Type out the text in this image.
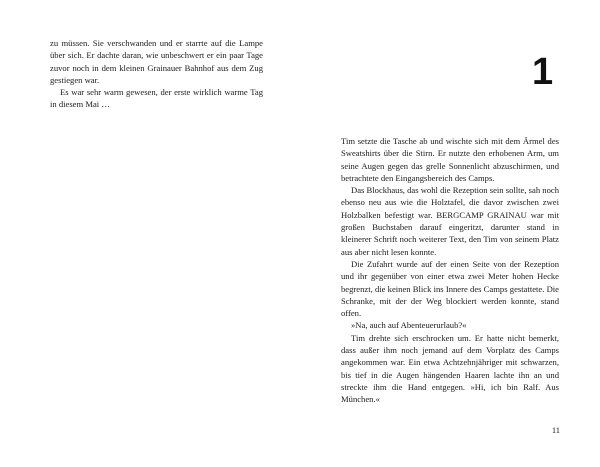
zu müssen. Sie verschwanden und er starrte auf die Lampe über sich. Er dachte daran, wie unbeschwert er ein paar Tage zuvor noch in dem kleinen Grainauer Bahnhof aus dem Zug gestiegen war.

Es war sehr warm gewesen, der erste wirklich warme Tag in diesem Mai …

1

Tim setzte die Tasche ab und wischte sich mit dem Ärmel des Sweatshirts über die Stirn. Er nutzte den erhobenen Arm, um seine Augen gegen das grelle Sonnenlicht abzuschirmen, und betrachtete den Eingangsbereich des Camps.

Das Blockhaus, das wohl die Rezeption sein sollte, sah noch ebenso neu aus wie die Holztafel, die davor zwischen zwei Holzbalken befestigt war. BERGCAMP GRAINAU war mit großen Buchstaben darauf eingeritzt, darunter stand in kleinerer Schrift noch weiterer Text, den Tim von seinem Platz aus aber nicht lesen konnte.

Die Zufahrt wurde auf der einen Seite von der Rezeption und ihr gegenüber von einer etwa zwei Meter hohen Hecke begrenzt, die keinen Blick ins Innere des Camps gestattete. Die Schranke, mit der der Weg blockiert werden konnte, stand offen.

»Na, auch auf Abenteuerurlaub?«

Tim drehte sich erschrocken um. Er hatte nicht bemerkt, dass außer ihm noch jemand auf dem Vorplatz des Camps angekommen war. Ein etwa Achtzehnjähriger mit schwarzen, bis tief in die Augen hängenden Haaren lachte ihn an und streckte ihm die Hand entgegen. »Hi, ich bin Ralf. Aus München.«

11
